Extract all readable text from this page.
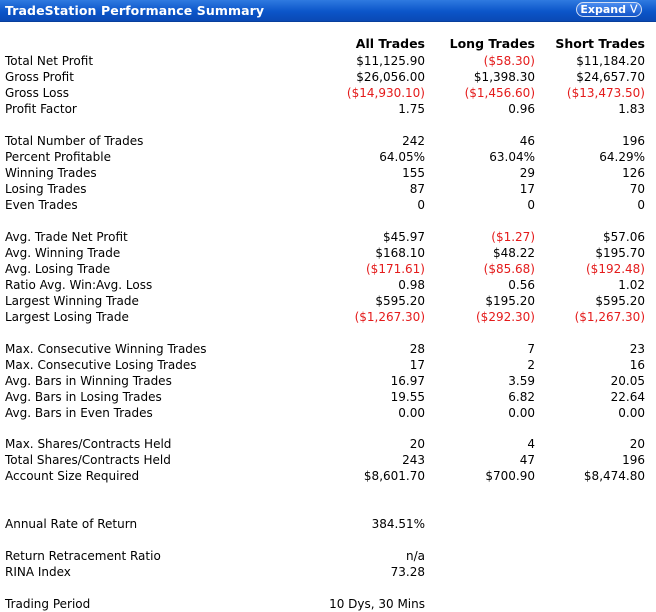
TradeStation Performance Summary	Expand ⋁
All Trades Long Trades Short Trades
Total Net Profit	$11,125.90	($58.30)	$11,184.20
Gross Profit	$26,056.00	$1,398.30	$24,657.70
Gross Loss	($14,930.10)	($1,456.60)	($13,473.50)
Profit Factor	1.75	0.96	1.83
Total Number of Trades	242	46	196
Percent Profitable	64.05%	63.04%	64.29%
Winning Trades	155	29	126
Losing Trades	87	17	70
Even Trades	0	0	0
Avg. Trade Net Profit	$45.97	($1.27)	$57.06
Avg. Winning Trade	$168.10	$48.22	$195.70
Avg. Losing Trade	($171.61)	($85.68)	($192.48)
Ratio Avg. Win:Avg. Loss	0.98	0.56	1.02
Largest Winning Trade	$595.20	$195.20	$595.20
Largest Losing Trade	($1,267.30)	($292.30)	($1,267.30)
Max. Consecutive Winning Trades	28	7	23
Max. Consecutive Losing Trades	17	2	16
Avg. Bars in Winning Trades	16.97	3.59	20.05
Avg. Bars in Losing Trades	19.55	6.82	22.64
Avg. Bars in Even Trades	0.00	0.00	0.00
Max. Shares/Contracts Held	20	4	20
Total Shares/Contracts Held	243	47	196
Account Size Required	$8,601.70	$700.90	$8,474.80
Annual Rate of Return	384.51%
Return Retracement Ratio	n/a
RINA Index	73.28
Trading Period	10 Dys, 30 Mins
